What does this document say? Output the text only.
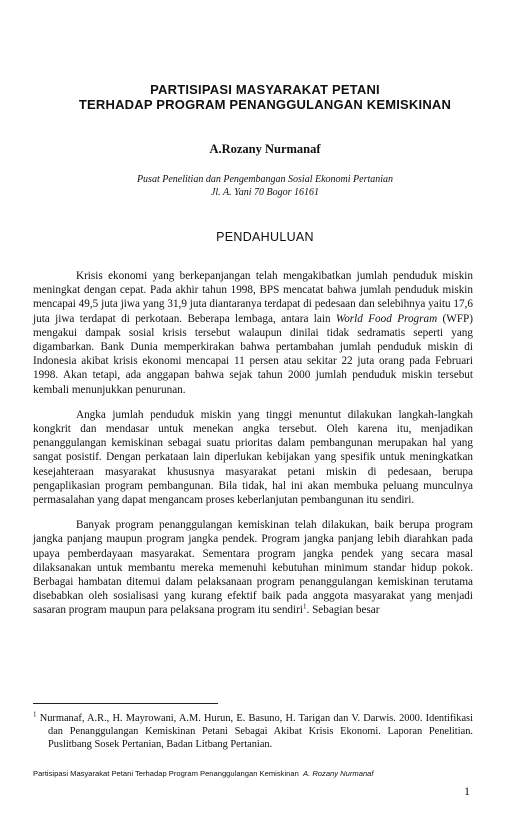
PARTISIPASI MASYARAKAT PETANI
TERHADAP PROGRAM PENANGGULANGAN KEMISKINAN
A.Rozany Nurmanaf
Pusat Penelitian dan Pengembangan Sosial Ekonomi Pertanian
Jl. A. Yani 70 Bogor 16161
PENDAHULUAN

Krisis ekonomi yang berkepanjangan telah mengakibatkan jumlah penduduk miskin meningkat dengan cepat. Pada akhir tahun 1998, BPS mencatat bahwa jumlah penduduk miskin mencapai 49,5 juta jiwa yang 31,9 juta diantaranya terdapat di pedesaan dan selebihnya yaitu 17,6 juta jiwa terdapat di perkotaan. Beberapa lembaga, antara lain World Food Program (WFP) mengakui dampak sosial krisis tersebut walaupun dinilai tidak sedramatis seperti yang digambarkan. Bank Dunia memperkirakan bahwa pertambahan jumlah penduduk miskin di Indonesia akibat krisis ekonomi mencapai 11 persen atau sekitar 22 juta orang pada Februari 1998. Akan tetapi, ada anggapan bahwa sejak tahun 2000 jumlah penduduk miskin tersebut kembali menunjukkan penurunan.

Angka jumlah penduduk miskin yang tinggi menuntut dilakukan langkah-langkah kongkrit dan mendasar untuk menekan angka tersebut. Oleh karena itu, menjadikan penanggulangan kemiskinan sebagai suatu prioritas dalam pembangunan merupakan hal yang sangat posistif. Dengan perkataan lain diperlukan kebijakan yang spesifik untuk meningkatkan kesejahteraan masyarakat khususnya masyarakat petani miskin di pedesaan, berupa pengaplikasian program pembangunan. Bila tidak, hal ini akan membuka peluang munculnya permasalahan yang dapat mengancam proses keberlanjutan pembangunan itu sendiri.

Banyak program penanggulangan kemiskinan telah dilakukan, baik berupa program jangka panjang maupun program jangka pendek. Program jangka panjang lebih diarahkan pada upaya pemberdayaan masyarakat. Sementara program jangka pendek yang secara masal dilaksanakan untuk membantu mereka memenuhi kebutuhan minimum standar hidup pokok. Berbagai hambatan ditemui dalam pelaksanaan program penanggulangan kemiskinan terutama disebabkan oleh sosialisasi yang kurang efektif baik pada anggota masyarakat yang menjadi sasaran program maupun para pelaksana program itu sendiri$^1$. Sebagian besar

$^1$ Nurmanaf, A.R., H. Mayrowani, A.M. Hurun, E. Basuno, H. Tarigan dan V. Darwis. 2000. Identifikasi dan Penanggulangan Kemiskinan Petani Sebagai Akibat Krisis Ekonomi. Laporan Penelitian. Puslitbang Sosek Pertanian, Badan Litbang Pertanian.
Partisipasi Masyarakat Petani Terhadap Program Penanggulangan Kemiskinan A. Rozany Nurmanaf
1
